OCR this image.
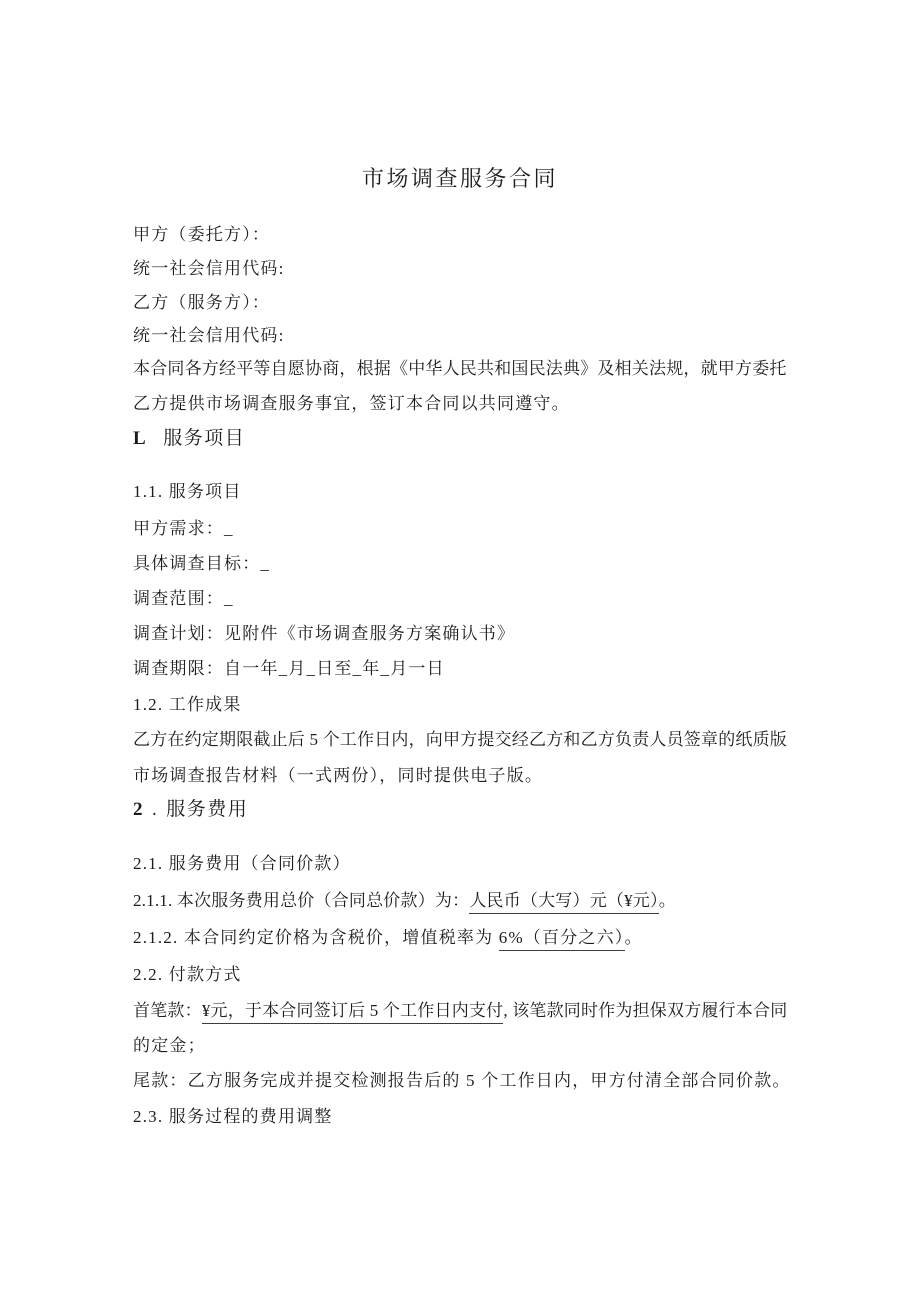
市场调查服务合同
甲方（委托方）：
统一社会信用代码:
乙方（服务方）：
统一社会信用代码:
本合同各方经平等自愿协商，根据《中华人民共和国民法典》及相关法规，就甲方委托
乙方提供市场调查服务事宜，签订本合同以共同遵守。
L 服务项目
1.1. 服务项目
甲方需求：_
具体调查目标：_
调查范围：_
调查计划：见附件《市场调查服务方案确认书》
调查期限：自一年_月_日至_年_月一日
1.2. 工作成果
乙方在约定期限截止后 5 个工作日内，向甲方提交经乙方和乙方负责人员签章的纸质版
市场调查报告材料（一式两份），同时提供电子版。
2 . 服务费用
2.1. 服务费用（合同价款）
2.1.1. 本次服务费用总价（合同总价款）为：人民币（大写）元（¥元）。
2.1.2. 本合同约定价格为含税价，增值税率为 6%（百分之六）。
2.2. 付款方式
首笔款：¥元，于本合同签订后 5 个工作日内支付, 该笔款同时作为担保双方履行本合同
的定金；
尾款：乙方服务完成并提交检测报告后的 5 个工作日内，甲方付清全部合同价款。
2.3. 服务过程的费用调整
